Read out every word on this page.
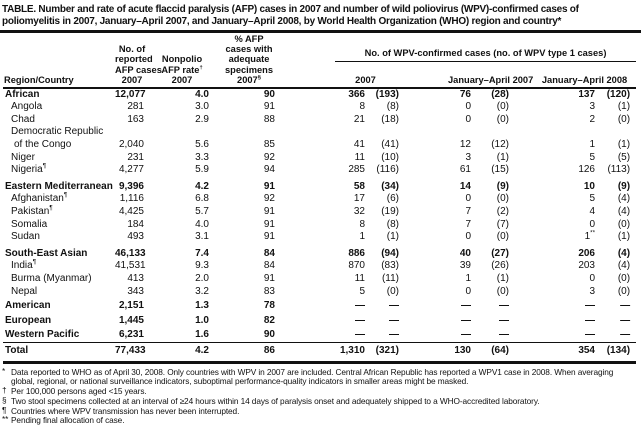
TABLE. Number and rate of acute flaccid paralysis (AFP) cases in 2007 and number of wild poliovirus (WPV)-confirmed cases of poliomyelitis in 2007, January–April 2007, and January–April 2008, by World Health Organization (WHO) region and country*
Region/Country	
No. of
reported
AFP cases
2007

Nonpolio
AFP rate†
2007

% AFP
cases with
adequate
specimens
2007§

No. of WPV-confirmed cases (no. of WPV type 1 cases)

				2007		January–April 2007		January–April 2008	
African	12,077	4.0	90	366	(193)	76	(28)	137	(120)
Angola	281	3.0	91	8	(8)	0	(0)	3	(1)
Chad	163	2.9	88	21	(18)	0	(0)	2	(0)
Democratic Republic
of the Congo	2,040	5.6	85	41	(41)	12	(12)	1	(1)
Niger	231	3.3	92	11	(10)	3	(1)	5	(5)
Nigeria¶	4,277	5.9	94	285	(116)	61	(15)	126	(113)
Eastern Mediterranean	9,396	4.2	91	58	(34)	14	(9)	10	(9)
Afghanistan¶	1,116	6.8	92	17	(6)	0	(0)	5	(4)
Pakistan¶	4,425	5.7	91	32	(19)	7	(2)	4	(4)
Somalia	184	4.0	91	8	(8)	7	(7)	0	(0)
Sudan	493	3.1	91	1	(1)	0	(0)	1**	(1)
South-East Asian	46,133	7.4	84	886	(94)	40	(27)	206	(4)
India¶	41,531	9.3	84	870	(83)	39	(26)	203	(4)
Burma (Myanmar)	413	2.0	91	11	(11)	1	(1)	0	(0)
Nepal	343	3.2	83	5	(0)	0	(0)	3	(0)
American	2,151	1.3	78	—	—	—	—	—	—
European	1,445	1.0	82	—	—	—	—	—	—
Western Pacific	6,231	1.6	90	—	—	—	—	—	—
Total	77,433	4.2	86	1,310	(321)	130	(64)	354	(134)
* Data reported to WHO as of April 30, 2008. Only countries with WPV in 2007 are included. Central African Republic has reported a WPV1 case in 2008. When averaging global, regional, or national surveillance indicators, suboptimal performance-quality indicators in smaller areas might be masked.
† Per 100,000 persons aged <15 years.
§ Two stool specimens collected at an interval of ≥24 hours within 14 days of paralysis onset and adequately shipped to a WHO-accredited laboratory.
¶ Countries where WPV transmission has never been interrupted.
** Pending final allocation of case.
